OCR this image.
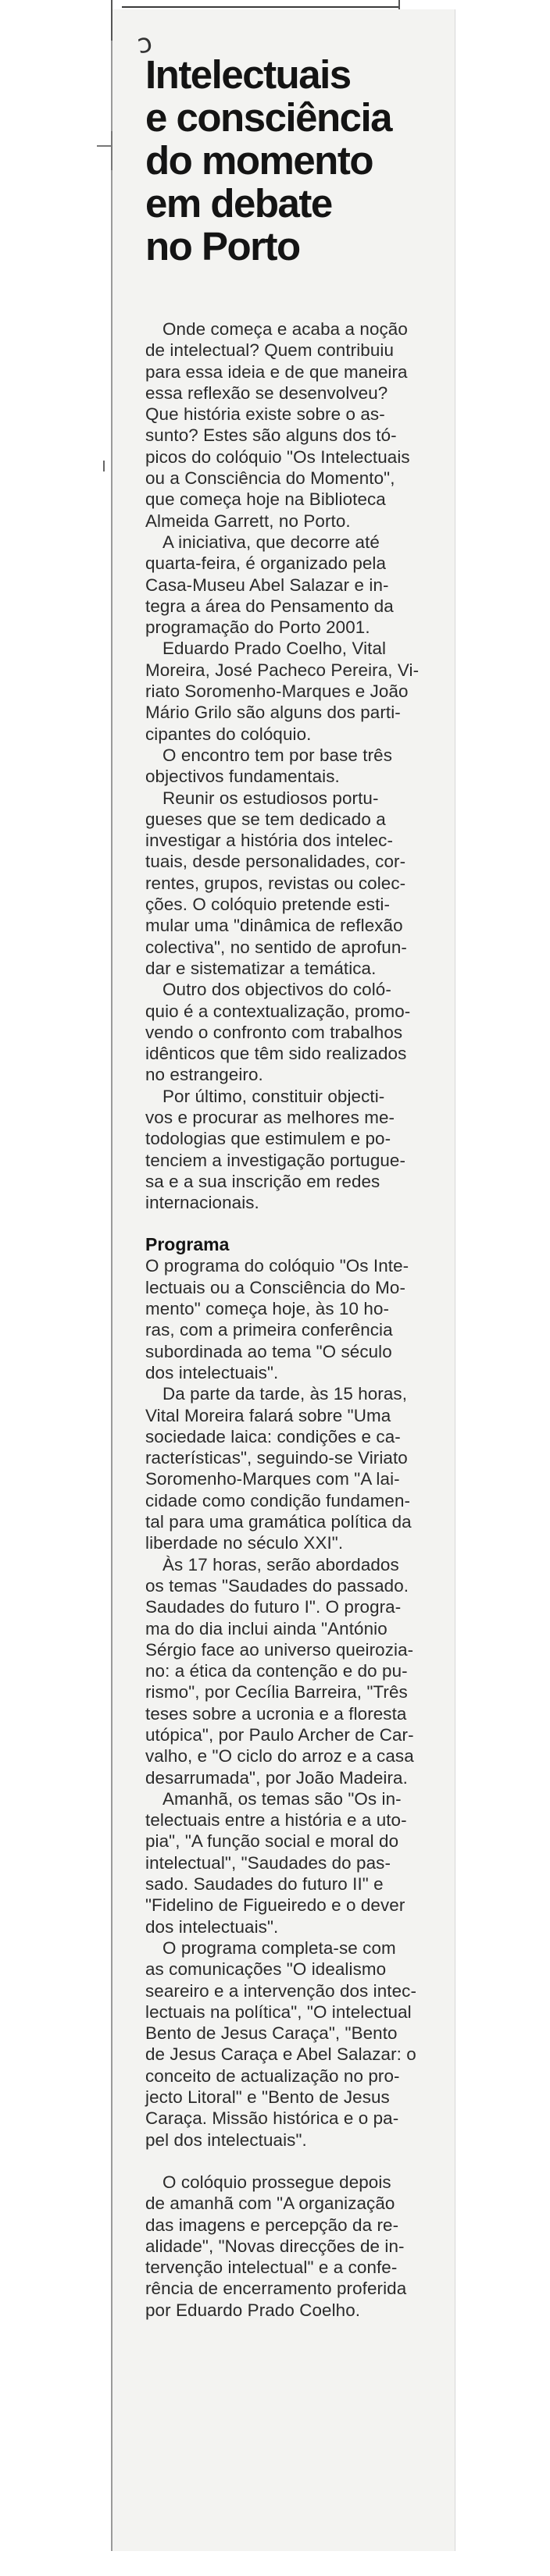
ɔ
Intelectuais
e consciência
do momento
em debate
no Porto
Onde começa e acaba a noção
de intelectual? Quem contribuiu
para essa ideia e de que maneira
essa reflexão se desenvolveu?
Que história existe sobre o as-
sunto? Estes são alguns dos tó-
picos do colóquio "Os Intelectuais
ou a Consciência do Momento",
que começa hoje na Biblioteca
Almeida Garrett, no Porto.
A iniciativa, que decorre até
quarta-feira, é organizado pela
Casa-Museu Abel Salazar e in-
tegra a área do Pensamento da
programação do Porto 2001.
Eduardo Prado Coelho, Vital
Moreira, José Pacheco Pereira, Vi-
riato Soromenho-Marques e João
Mário Grilo são alguns dos parti-
cipantes do colóquio.
O encontro tem por base três
objectivos fundamentais.
Reunir os estudiosos portu-
gueses que se tem dedicado a
investigar a história dos intelec-
tuais, desde personalidades, cor-
rentes, grupos, revistas ou colec-
ções. O colóquio pretende esti-
mular uma "dinâmica de reflexão
colectiva", no sentido de aprofun-
dar e sistematizar a temática.
Outro dos objectivos do coló-
quio é a contextualização, promo-
vendo o confronto com trabalhos
idênticos que têm sido realizados
no estrangeiro.
Por último, constituir objecti-
vos e procurar as melhores me-
todologias que estimulem e po-
tenciem a investigação portugue-
sa e a sua inscrição em redes
internacionais.
Programa
O programa do colóquio "Os Inte-
lectuais ou a Consciência do Mo-
mento" começa hoje, às 10 ho-
ras, com a primeira conferência
subordinada ao tema "O século
dos intelectuais".
Da parte da tarde, às 15 horas,
Vital Moreira falará sobre "Uma
sociedade laica: condições e ca-
racterísticas", seguindo-se Viriato
Soromenho-Marques com "A lai-
cidade como condição fundamen-
tal para uma gramática política da
liberdade no século XXI".
Às 17 horas, serão abordados
os temas "Saudades do passado.
Saudades do futuro I". O progra-
ma do dia inclui ainda "António
Sérgio face ao universo queirozia-
no: a ética da contenção e do pu-
rismo", por Cecília Barreira, "Três
teses sobre a ucronia e a floresta
utópica", por Paulo Archer de Car-
valho, e "O ciclo do arroz e a casa
desarrumada", por João Madeira.
Amanhã, os temas são "Os in-
telectuais entre a história e a uto-
pia", "A função social e moral do
intelectual", "Saudades do pas-
sado. Saudades do futuro II" e
"Fidelino de Figueiredo e o dever
dos intelectuais".
O programa completa-se com
as comunicações "O idealismo
seareiro e a intervenção dos intec-
lectuais na política", "O intelectual
Bento de Jesus Caraça", "Bento
de Jesus Caraça e Abel Salazar: o
conceito de actualização no pro-
jecto Litoral" e "Bento de Jesus
Caraça. Missão histórica e o pa-
pel dos intelectuais".
O colóquio prossegue depois
de amanhã com "A organização
das imagens e percepção da re-
alidade", "Novas direcções de in-
tervenção intelectual" e a confe-
rência de encerramento proferida
por Eduardo Prado Coelho.
